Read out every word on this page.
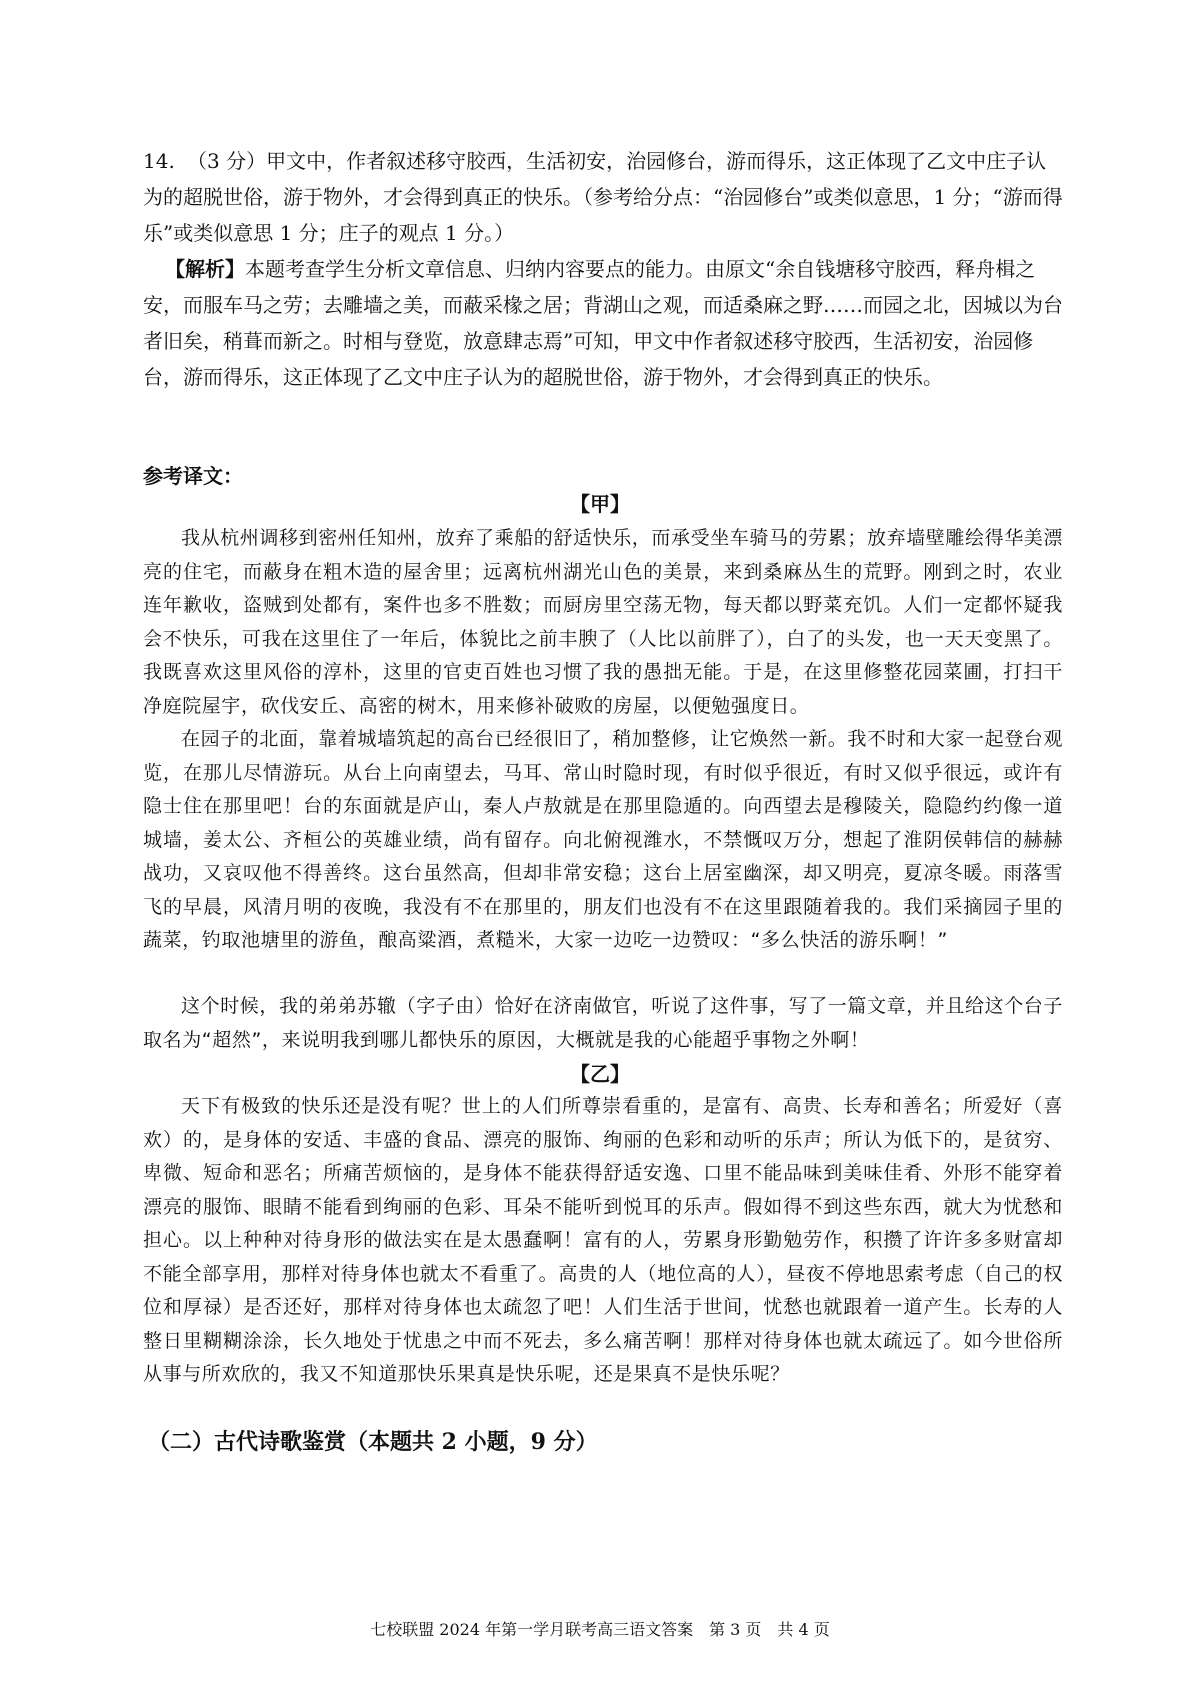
14. （3 分）甲文中，作者叙述移守胶西，生活初安，治园修台，游而得乐，这正体现了乙文中庄子认为的超脱世俗，游于物外，才会得到真正的快乐。（参考给分点：“治园修台”或类似意思，1 分；“游而得乐”或类似意思 1 分；庄子的观点 1 分。）

【解析】本题考查学生分析文章信息、归纳内容要点的能力。由原文“余自钱塘移守胶西，释舟楫之安，而服车马之劳；去雕墙之美，而蔽采椽之居；背湖山之观，而适桑麻之野……而园之北，因城以为台者旧矣，稍葺而新之。时相与登览，放意肆志焉”可知，甲文中作者叙述移守胶西，生活初安，治园修台，游而得乐，这正体现了乙文中庄子认为的超脱世俗，游于物外，才会得到真正的快乐。

参考译文：

【甲】

我从杭州调移到密州任知州，放弃了乘船的舒适快乐，而承受坐车骑马的劳累；放弃墙壁雕绘得华美漂亮的住宅，而蔽身在粗木造的屋舍里；远离杭州湖光山色的美景，来到桑麻丛生的荒野。刚到之时，农业连年歉收，盗贼到处都有，案件也多不胜数；而厨房里空荡无物，每天都以野菜充饥。人们一定都怀疑我会不快乐，可我在这里住了一年后，体貌比之前丰腴了（人比以前胖了），白了的头发，也一天天变黑了。我既喜欢这里风俗的淳朴，这里的官吏百姓也习惯了我的愚拙无能。于是，在这里修整花园菜圃，打扫干净庭院屋宇，砍伐安丘、高密的树木，用来修补破败的房屋，以便勉强度日。

在园子的北面，靠着城墙筑起的高台已经很旧了，稍加整修，让它焕然一新。我不时和大家一起登台观览，在那儿尽情游玩。从台上向南望去，马耳、常山时隐时现，有时似乎很近，有时又似乎很远，或许有隐士住在那里吧！台的东面就是庐山，秦人卢敖就是在那里隐遁的。向西望去是穆陵关，隐隐约约像一道城墙，姜太公、齐桓公的英雄业绩，尚有留存。向北俯视潍水，不禁慨叹万分，想起了淮阴侯韩信的赫赫战功，又哀叹他不得善终。这台虽然高，但却非常安稳；这台上居室幽深，却又明亮，夏凉冬暖。雨落雪飞的早晨，风清月明的夜晚，我没有不在那里的，朋友们也没有不在这里跟随着我的。我们采摘园子里的蔬菜，钓取池塘里的游鱼，酿高粱酒，煮糙米，大家一边吃一边赞叹：“多么快活的游乐啊！”

这个时候，我的弟弟苏辙（字子由）恰好在济南做官，听说了这件事，写了一篇文章，并且给这个台子取名为“超然”，来说明我到哪儿都快乐的原因，大概就是我的心能超乎事物之外啊！

【乙】

天下有极致的快乐还是没有呢？世上的人们所尊崇看重的，是富有、高贵、长寿和善名；所爱好（喜欢）的，是身体的安适、丰盛的食品、漂亮的服饰、绚丽的色彩和动听的乐声；所认为低下的，是贫穷、卑微、短命和恶名；所痛苦烦恼的，是身体不能获得舒适安逸、口里不能品味到美味佳肴、外形不能穿着漂亮的服饰、眼睛不能看到绚丽的色彩、耳朵不能听到悦耳的乐声。假如得不到这些东西，就大为忧愁和担心。以上种种对待身形的做法实在是太愚蠢啊！富有的人，劳累身形勤勉劳作，积攒了许许多多财富却不能全部享用，那样对待身体也就太不看重了。高贵的人（地位高的人），昼夜不停地思索考虑（自己的权位和厚禄）是否还好，那样对待身体也太疏忽了吧！人们生活于世间，忧愁也就跟着一道产生。长寿的人整日里糊糊涂涂，长久地处于忧患之中而不死去，多么痛苦啊！那样对待身体也就太疏远了。如今世俗所从事与所欢欣的，我又不知道那快乐果真是快乐呢，还是果真不是快乐呢？

（二）古代诗歌鉴赏（本题共 2 小题，9 分）

七校联盟 2024 年第一学月联考高三语文答案　第 3 页　共 4 页
